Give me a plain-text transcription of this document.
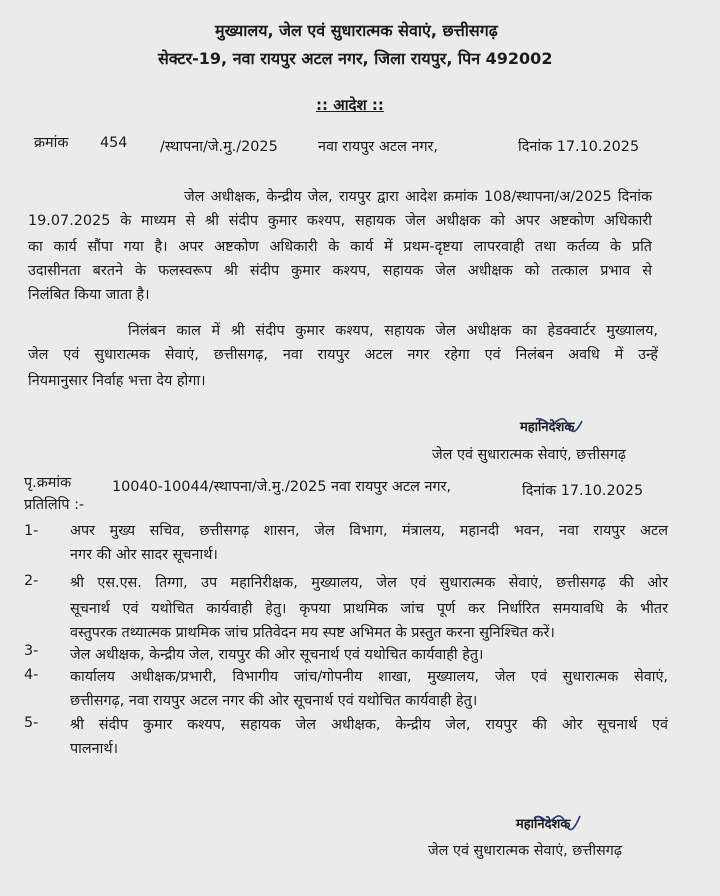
मुख्यालय, जेल एवं सुधारात्मक सेवाएं, छत्तीसगढ़
सेक्टर-19, नवा रायपुर अटल नगर, जिला रायपुर, पिन 492002
:: आदेश ::
क्रमांक 454 /स्थापना/जे.मु./2025	नवा रायपुर अटल नगर,	दिनांक 17.10.2025
जेल अधीक्षक, केन्द्रीय जेल, रायपुर द्वारा आदेश क्रमांक 108/स्थापना/अ/2025 दिनांक
19.07.2025 के माध्यम से श्री संदीप कुमार कश्यप, सहायक जेल अधीक्षक को अपर अष्टकोण अधिकारी
का कार्य सौंपा गया है। अपर अष्टकोण अधिकारी के कार्य में प्रथम-दृष्टया लापरवाही तथा कर्तव्य के प्रति
उदासीनता बरतने के फलस्वरूप श्री संदीप कुमार कश्यप, सहायक जेल अधीक्षक को तत्काल प्रभाव से
निलंबित किया जाता है।
निलंबन काल में श्री संदीप कुमार कश्यप, सहायक जेल अधीक्षक का हेडक्वार्टर मुख्यालय,
जेल एवं सुधारात्मक सेवाएं, छत्तीसगढ़, नवा रायपुर अटल नगर रहेगा एवं निलंबन अवधि में उन्हें
नियमानुसार निर्वाह भत्ता देय होगा।
महानिदेशक
जेल एवं सुधारात्मक सेवाएं, छत्तीसगढ़
पृ.क्रमांक	10040-10044/स्थापना/जे.मु./2025 नवा रायपुर अटल नगर,	दिनांक 17.10.2025
प्रतिलिपि :-
1- अपर मुख्य सचिव, छत्तीसगढ़ शासन, जेल विभाग, मंत्रालय, महानदी भवन, नवा रायपुर अटल
नगर की ओर सादर सूचनार्थ।
2- श्री एस.एस. तिग्गा, उप महानिरीक्षक, मुख्यालय, जेल एवं सुधारात्मक सेवाएं, छत्तीसगढ़ की ओर
सूचनार्थ एवं यथोचित कार्यवाही हेतु। कृपया प्राथमिक जांच पूर्ण कर निर्धारित समयावधि के भीतर
वस्तुपरक तथ्यात्मक प्राथमिक जांच प्रतिवेदन मय स्पष्ट अभिमत के प्रस्तुत करना सुनिश्चित करें।
3- जेल अधीक्षक, केन्द्रीय जेल, रायपुर की ओर सूचनार्थ एवं यथोचित कार्यवाही हेतु।
4- कार्यालय अधीक्षक/प्रभारी, विभागीय जांच/गोपनीय शाखा, मुख्यालय, जेल एवं सुधारात्मक सेवाएं,
छत्तीसगढ़, नवा रायपुर अटल नगर की ओर सूचनार्थ एवं यथोचित कार्यवाही हेतु।
5- श्री संदीप कुमार कश्यप, सहायक जेल अधीक्षक, केन्द्रीय जेल, रायपुर की ओर सूचनार्थ एवं
पालनार्थ।
महानिदेशक
जेल एवं सुधारात्मक सेवाएं, छत्तीसगढ़
